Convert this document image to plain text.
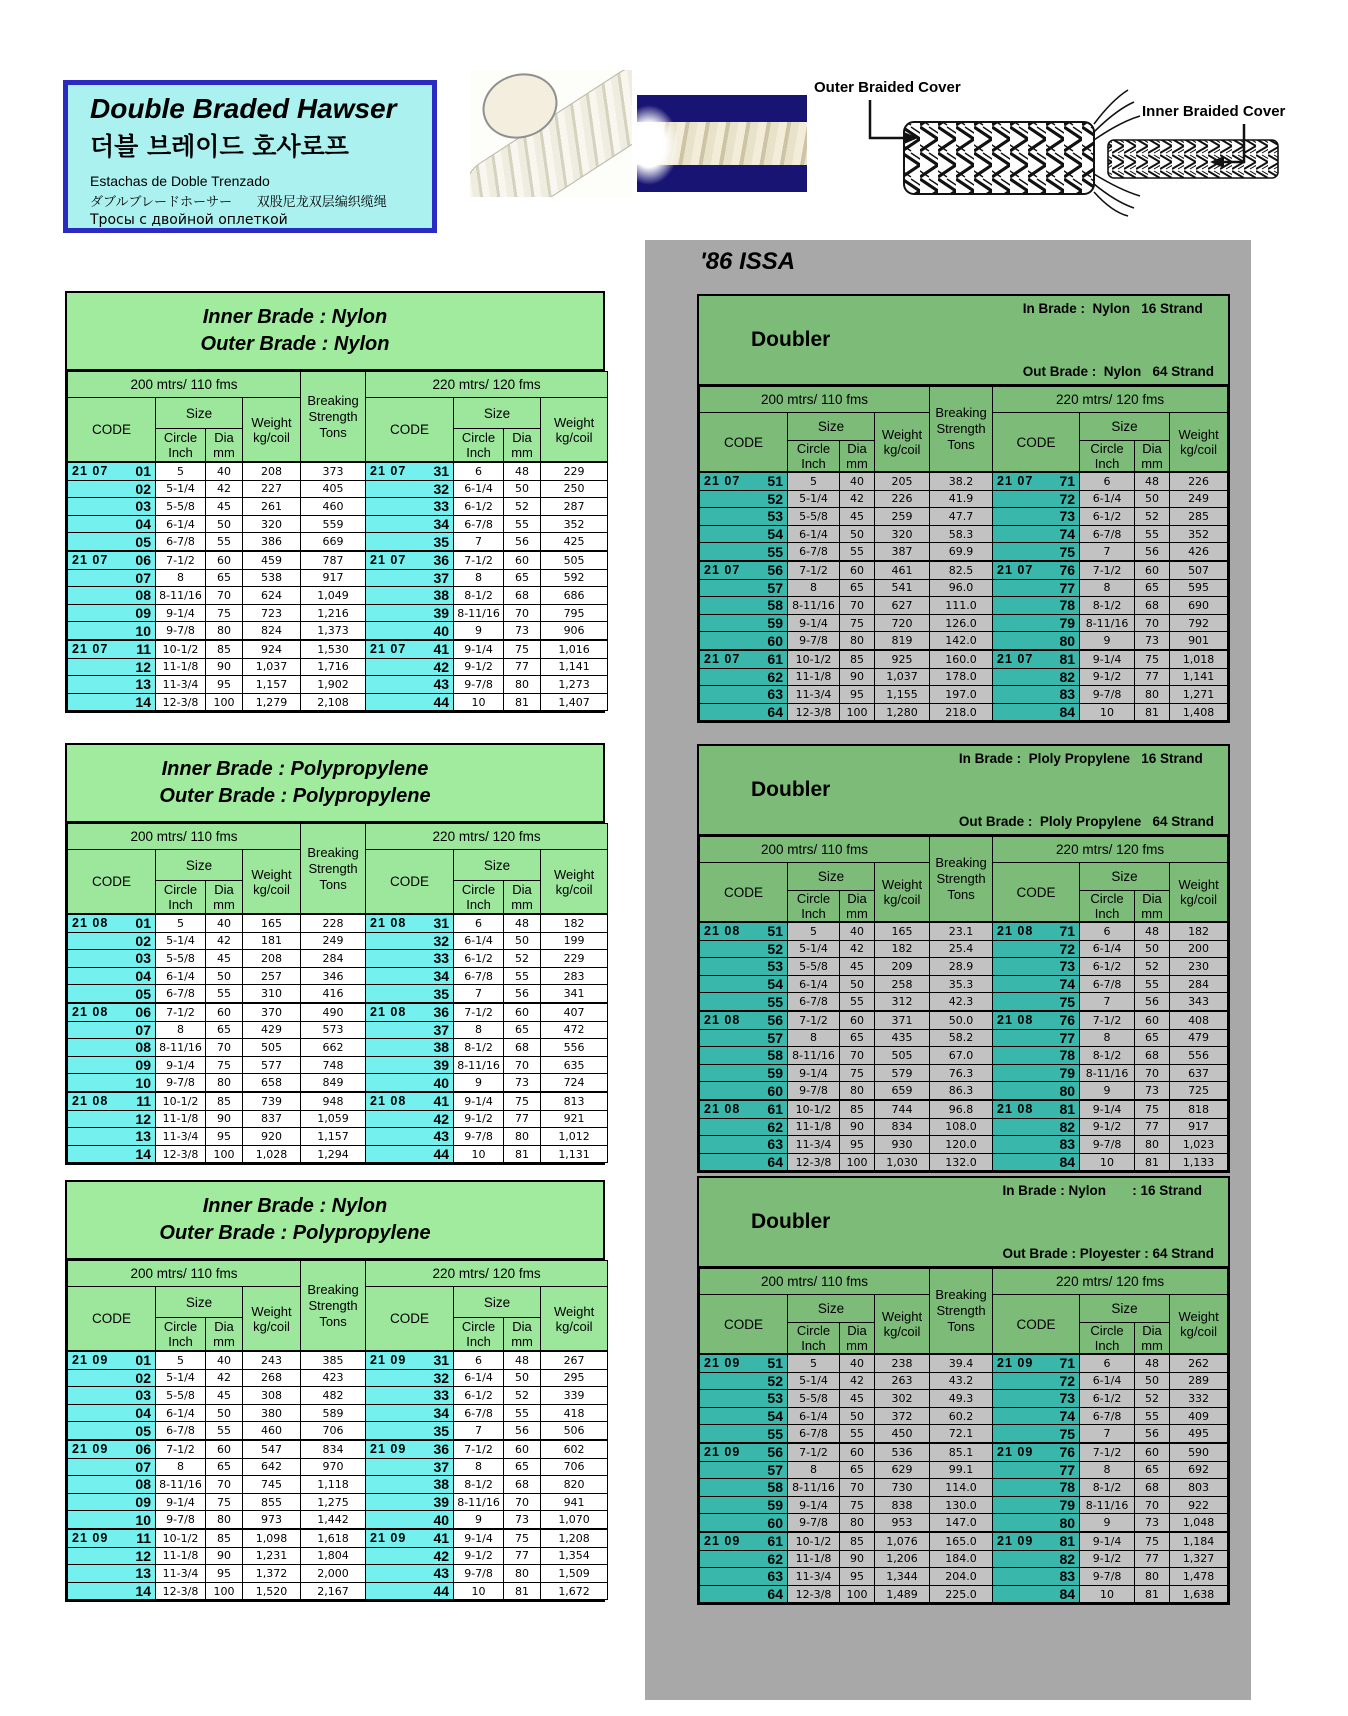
Double Braded Hawser
더블 브레이드 호사로프
Estachas de Doble Trenzado
ダブルブレードホーサー      双股尼龙双层编织缆绳
Тросы с двойной оплеткой
Outer Braided Cover
Inner Braided Cover
'86 ISSA
Inner Brade : Nylon
Outer Brade : Nylon
200 mtrs/ 110 fms				Breaking
Strength
Tons	220 mtrs/ 120 fms			
CODE	Size	
Weight
kg/coil	CODE	Size	
Weight
kg/coil

Circle
Inch

Dia
mm

Circle
Inch

Dia
mm

21 07 01	5	40	208	373	21 07 31	6	48	229

02	5-1/4	42	227	405	32	6-1/4	50	250

03	5-5/8	45	261	460	33	6-1/2	52	287

04	6-1/4	50	320	559	34	6-7/8	55	352

05	6-7/8	55	386	669	35	7	56	425

21 07 06	7-1/2	60	459	787	21 07 36	7-1/2	60	505

07	8	65	538	917	37	8	65	592

08	8-11/16	70	624	1,049	38	8-1/2	68	686

09	9-1/4	75	723	1,216	39	8-11/16	70	795

10	9-7/8	80	824	1,373	40	9	73	906

21 07 11	10-1/2	85	924	1,530	21 07 41	9-1/4	75	1,016

12	11-1/8	90	1,037	1,716	42	9-1/2	77	1,141

13	11-3/4	95	1,157	1,902	43	9-7/8	80	1,273

14	12-3/8	100	1,279	2,108	44	10	81	1,407
Inner Brade : Polypropylene
Outer Brade : Polypropylene
200 mtrs/ 110 fms				Breaking
Strength
Tons	220 mtrs/ 120 fms			
CODE	Size	
Weight
kg/coil	CODE	Size	
Weight
kg/coil

Circle
Inch

Dia
mm

Circle
Inch

Dia
mm

21 08 01	5	40	165	228	21 08 31	6	48	182

02	5-1/4	42	181	249	32	6-1/4	50	199

03	5-5/8	45	208	284	33	6-1/2	52	229

04	6-1/4	50	257	346	34	6-7/8	55	283

05	6-7/8	55	310	416	35	7	56	341

21 08 06	7-1/2	60	370	490	21 08 36	7-1/2	60	407

07	8	65	429	573	37	8	65	472

08	8-11/16	70	505	662	38	8-1/2	68	556

09	9-1/4	75	577	748	39	8-11/16	70	635

10	9-7/8	80	658	849	40	9	73	724

21 08 11	10-1/2	85	739	948	21 08 41	9-1/4	75	813

12	11-1/8	90	837	1,059	42	9-1/2	77	921

13	11-3/4	95	920	1,157	43	9-7/8	80	1,012

14	12-3/8	100	1,028	1,294	44	10	81	1,131
Inner Brade : Nylon
Outer Brade : Polypropylene
200 mtrs/ 110 fms				Breaking
Strength
Tons	220 mtrs/ 120 fms			
CODE	Size	
Weight
kg/coil	CODE	Size	
Weight
kg/coil

Circle
Inch

Dia
mm

Circle
Inch

Dia
mm

21 09 01	5	40	243	385	21 09 31	6	48	267

02	5-1/4	42	268	423	32	6-1/4	50	295

03	5-5/8	45	308	482	33	6-1/2	52	339

04	6-1/4	50	380	589	34	6-7/8	55	418

05	6-7/8	55	460	706	35	7	56	506

21 09 06	7-1/2	60	547	834	21 09 36	7-1/2	60	602

07	8	65	642	970	37	8	65	706

08	8-11/16	70	745	1,118	38	8-1/2	68	820

09	9-1/4	75	855	1,275	39	8-11/16	70	941

10	9-7/8	80	973	1,442	40	9	73	1,070

21 09 11	10-1/2	85	1,098	1,618	21 09 41	9-1/4	75	1,208

12	11-1/8	90	1,231	1,804	42	9-1/2	77	1,354

13	11-3/4	95	1,372	2,000	43	9-7/8	80	1,509

14	12-3/8	100	1,520	2,167	44	10	81	1,672
Doubler

In Brade :  Nylon   16 Strand

Out Brade :  Nylon   64 Strand

200 mtrs/ 110 fms				Breaking
Strength
Tons	220 mtrs/ 120 fms			
CODE	Size	
Weight
kg/coil	CODE	Size	
Weight
kg/coil

Circle
Inch

Dia
mm

Circle
Inch

Dia
mm

21 07 51	5	40	205	38.2	21 07 71	6	48	226

52	5-1/4	42	226	41.9	72	6-1/4	50	249

53	5-5/8	45	259	47.7	73	6-1/2	52	285

54	6-1/4	50	320	58.3	74	6-7/8	55	352

55	6-7/8	55	387	69.9	75	7	56	426

21 07 56	7-1/2	60	461	82.5	21 07 76	7-1/2	60	507

57	8	65	541	96.0	77	8	65	595

58	8-11/16	70	627	111.0	78	8-1/2	68	690

59	9-1/4	75	720	126.0	79	8-11/16	70	792

60	9-7/8	80	819	142.0	80	9	73	901

21 07 61	10-1/2	85	925	160.0	21 07 81	9-1/4	75	1,018

62	11-1/8	90	1,037	178.0	82	9-1/2	77	1,141

63	11-3/4	95	1,155	197.0	83	9-7/8	80	1,271

64	12-3/8	100	1,280	218.0	84	10	81	1,408
Doubler

In Brade :  Ploly Propylene   16 Strand

Out Brade :  Ploly Propylene   64 Strand

200 mtrs/ 110 fms				Breaking
Strength
Tons	220 mtrs/ 120 fms			
CODE	Size	
Weight
kg/coil	CODE	Size	
Weight
kg/coil

Circle
Inch

Dia
mm

Circle
Inch

Dia
mm

21 08 51	5	40	165	23.1	21 08 71	6	48	182

52	5-1/4	42	182	25.4	72	6-1/4	50	200

53	5-5/8	45	209	28.9	73	6-1/2	52	230

54	6-1/4	50	258	35.3	74	6-7/8	55	284

55	6-7/8	55	312	42.3	75	7	56	343

21 08 56	7-1/2	60	371	50.0	21 08 76	7-1/2	60	408

57	8	65	435	58.2	77	8	65	479

58	8-11/16	70	505	67.0	78	8-1/2	68	556

59	9-1/4	75	579	76.3	79	8-11/16	70	637

60	9-7/8	80	659	86.3	80	9	73	725

21 08 61	10-1/2	85	744	96.8	21 08 81	9-1/4	75	818

62	11-1/8	90	834	108.0	82	9-1/2	77	917

63	11-3/4	95	930	120.0	83	9-7/8	80	1,023

64	12-3/8	100	1,030	132.0	84	10	81	1,133
Doubler

In Brade : Nylon       : 16 Strand

Out Brade : Ployester : 64 Strand

200 mtrs/ 110 fms				Breaking
Strength
Tons	220 mtrs/ 120 fms			
CODE	Size	
Weight
kg/coil	CODE	Size	
Weight
kg/coil

Circle
Inch

Dia
mm

Circle
Inch

Dia
mm

21 09 51	5	40	238	39.4	21 09 71	6	48	262

52	5-1/4	42	263	43.2	72	6-1/4	50	289

53	5-5/8	45	302	49.3	73	6-1/2	52	332

54	6-1/4	50	372	60.2	74	6-7/8	55	409

55	6-7/8	55	450	72.1	75	7	56	495

21 09 56	7-1/2	60	536	85.1	21 09 76	7-1/2	60	590

57	8	65	629	99.1	77	8	65	692

58	8-11/16	70	730	114.0	78	8-1/2	68	803

59	9-1/4	75	838	130.0	79	8-11/16	70	922

60	9-7/8	80	953	147.0	80	9	73	1,048

21 09 61	10-1/2	85	1,076	165.0	21 09 81	9-1/4	75	1,184

62	11-1/8	90	1,206	184.0	82	9-1/2	77	1,327

63	11-3/4	95	1,344	204.0	83	9-7/8	80	1,478

64	12-3/8	100	1,489	225.0	84	10	81	1,638
